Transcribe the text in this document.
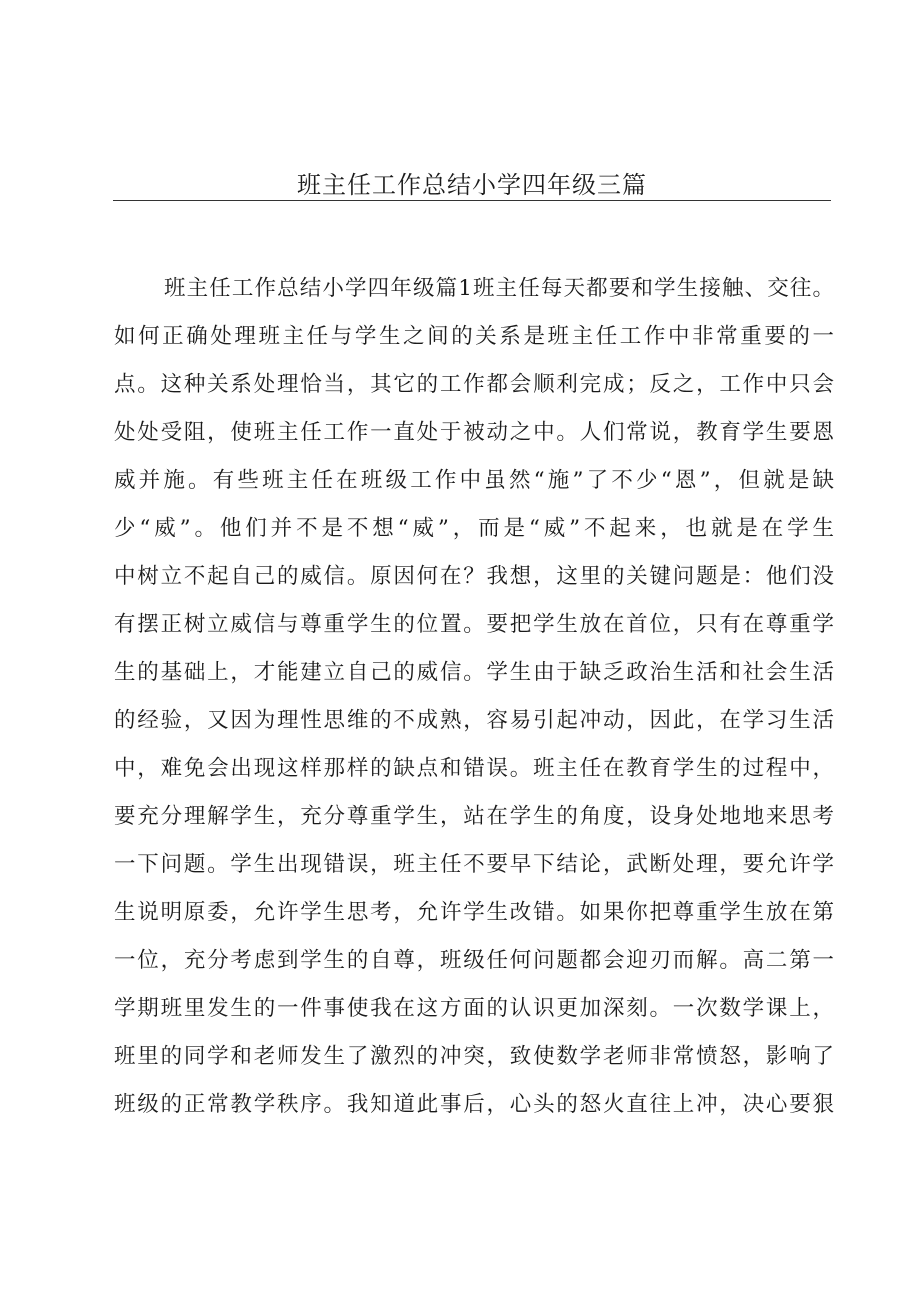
班主任工作总结小学四年级三篇
班主任工作总结小学四年级篇1班主任每天都要和学生接触、交往。
如何正确处理班主任与学生之间的关系是班主任工作中非常重要的一
点。这种关系处理恰当，其它的工作都会顺利完成；反之，工作中只会
处处受阻，使班主任工作一直处于被动之中。人们常说，教育学生要恩
威并施。有些班主任在班级工作中虽然“施”了不少“恩”，但就是缺
少“威”。他们并不是不想“威”，而是“威”不起来，也就是在学生
中树立不起自己的威信。原因何在？我想，这里的关键问题是：他们没
有摆正树立威信与尊重学生的位置。要把学生放在首位，只有在尊重学
生的基础上，才能建立自己的威信。学生由于缺乏政治生活和社会生活
的经验，又因为理性思维的不成熟，容易引起冲动，因此，在学习生活
中，难免会出现这样那样的缺点和错误。班主任在教育学生的过程中，
要充分理解学生，充分尊重学生，站在学生的角度，设身处地地来思考
一下问题。学生出现错误，班主任不要早下结论，武断处理，要允许学
生说明原委，允许学生思考，允许学生改错。如果你把尊重学生放在第
一位，充分考虑到学生的自尊，班级任何问题都会迎刃而解。高二第一
学期班里发生的一件事使我在这方面的认识更加深刻。一次数学课上，
班里的同学和老师发生了激烈的冲突，致使数学老师非常愤怒，影响了
班级的正常教学秩序。我知道此事后，心头的怒火直往上冲，决心要狠
